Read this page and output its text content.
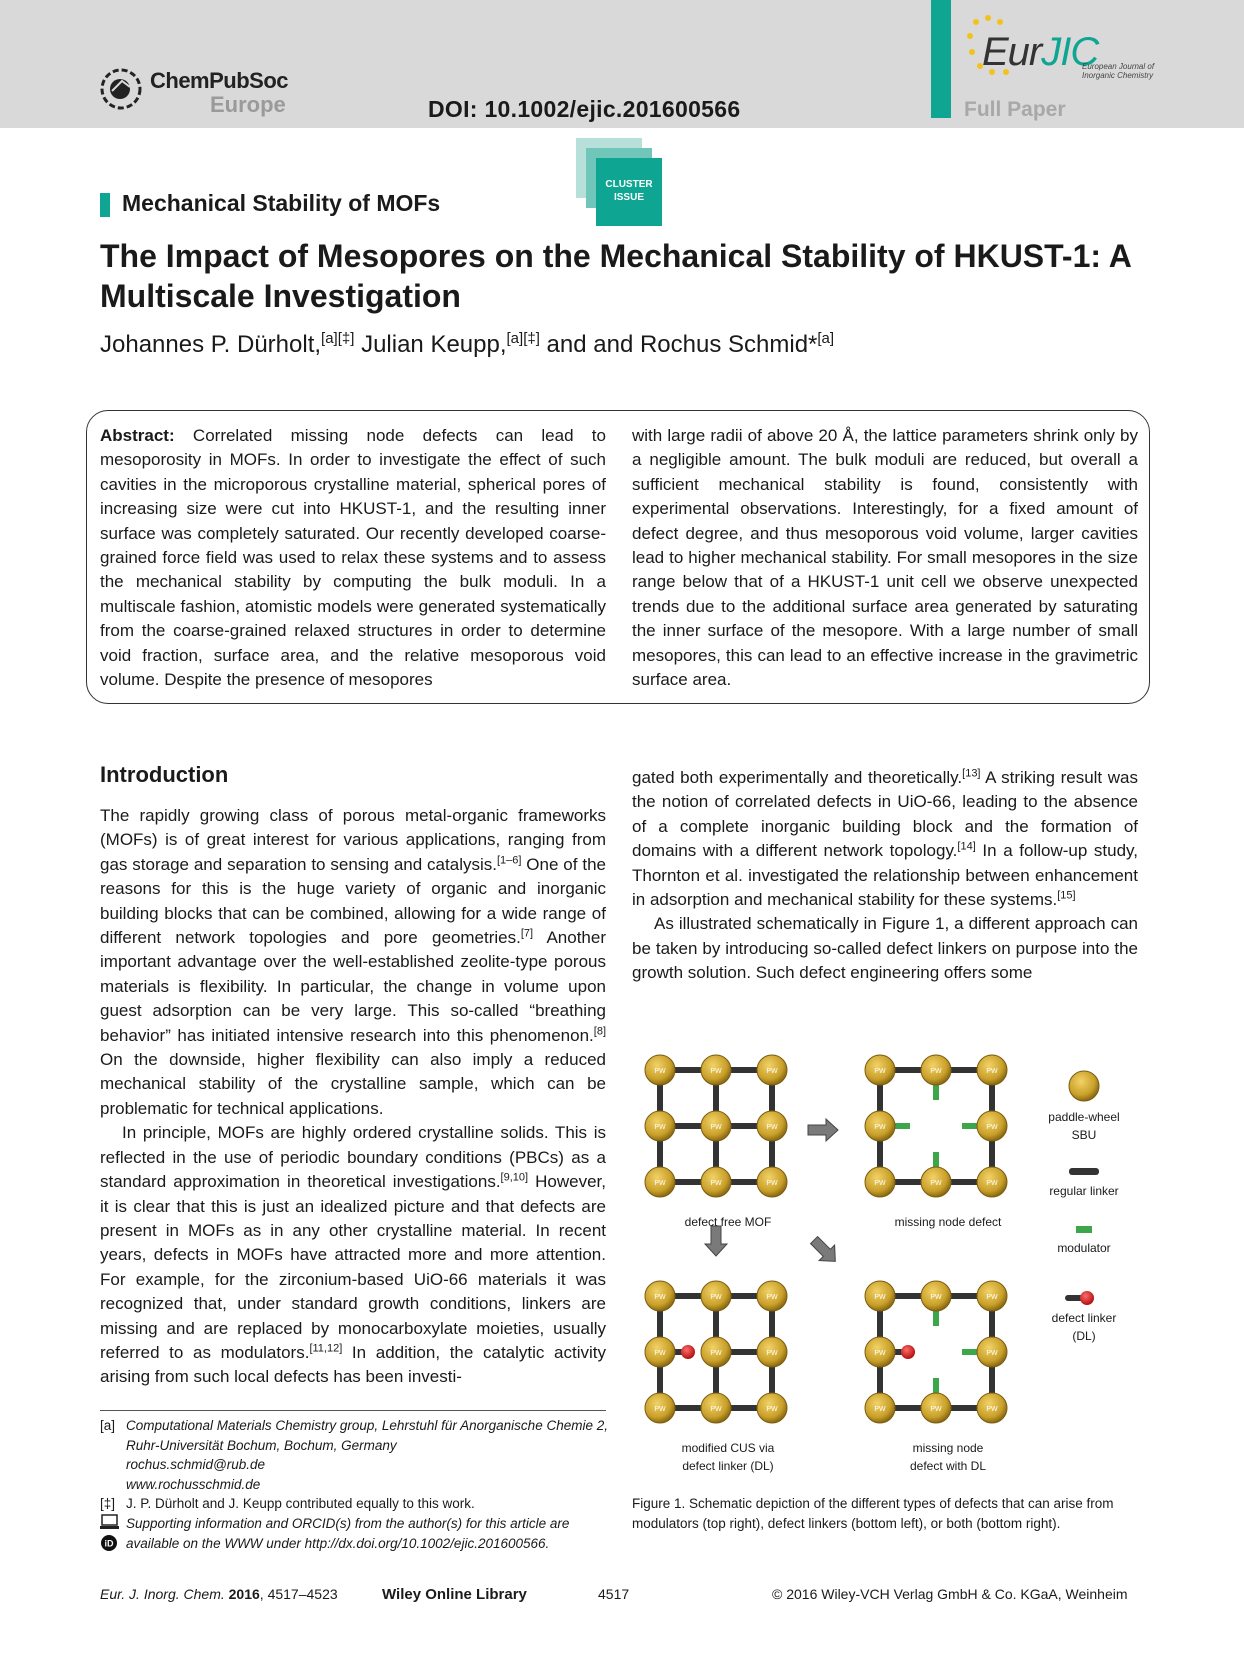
ChemPubSoc
Europe	DOI: 10.1002/ejic.201600566
EurJIC
European Journal of Inorganic Chemistry
Full Paper
Mechanical Stability of MOFs
CLUSTER
ISSUE
The Impact of Mesopores on the Mechanical Stability of HKUST-1: A Multiscale Investigation
Johannes P. Dürholt,[a][‡] Julian Keupp,[a][‡] and and Rochus Schmid*[a]
Abstract: Correlated missing node defects can lead to mesoporosity in MOFs. In order to investigate the effect of such cavities in the microporous crystalline material, spherical pores of increasing size were cut into HKUST-1, and the resulting inner surface was completely saturated. Our recently developed coarse-grained force field was used to relax these systems and to assess the mechanical stability by computing the bulk moduli. In a multiscale fashion, atomistic models were generated systematically from the coarse-grained relaxed structures in order to determine void fraction, surface area, and the relative mesoporous void volume. Despite the presence of mesopores
with large radii of above 20 Å, the lattice parameters shrink only by a negligible amount. The bulk moduli are reduced, but overall a sufficient mechanical stability is found, consistently with experimental observations. Interestingly, for a fixed amount of defect degree, and thus mesoporous void volume, larger cavities lead to higher mechanical stability. For small mesopores in the size range below that of a HKUST-1 unit cell we observe unexpected trends due to the additional surface area generated by saturating the inner surface of the mesopore. With a large number of small mesopores, this can lead to an effective increase in the gravimetric surface area.
Introduction

The rapidly growing class of porous metal-organic frameworks (MOFs) is of great interest for various applications, ranging from gas storage and separation to sensing and catalysis.[1–6] One of the reasons for this is the huge variety of organic and inorganic building blocks that can be combined, allowing for a wide range of different network topologies and pore geometries.[7] Another important advantage over the well-established zeolite-type porous materials is flexibility. In particular, the change in volume upon guest adsorption can be very large. This so-called “breathing behavior” has initiated intensive research into this phenomenon.[8] On the downside, higher flexibility can also imply a reduced mechanical stability of the crystalline sample, which can be problematic for technical applications.

In principle, MOFs are highly ordered crystalline solids. This is reflected in the use of periodic boundary conditions (PBCs) as a standard approximation in theoretical investigations.[9,10] However, it is clear that this is just an idealized picture and that defects are present in MOFs as in any other crystalline material. In recent years, defects in MOFs have attracted more and more attention. For example, for the zirconium-based UiO-66 materials it was recognized that, under standard growth conditions, linkers are missing and are replaced by monocarboxylate moieties, usually referred to as modulators.[11,12] In addition, the catalytic activity arising from such local defects has been investi-

gated both experimentally and theoretically.[13] A striking result was the notion of correlated defects in UiO-66, leading to the absence of a complete inorganic building block and the formation of domains with a different network topology.[14] In a follow-up study, Thornton et al. investigated the relationship between enhancement in adsorption and mechanical stability for these systems.[15]

As illustrated schematically in Figure 1, a different approach can be taken by introducing so-called defect linkers on purpose into the growth solution. Such defect engineering offers some

PW	PW	PW
PW	PW	PW
PW	PW	PW
PW	PW	PW
PW	PW
PW	PW	PW
PW	PW	PW
PW	PW	PW
PW	PW	PW
PW	PW	PW
PW	PW
PW	PW	PW
defect free MOF	missing node defect
modified CUS via
defect linker (DL)
missing node
defect with DL
paddle-wheel
SBU
regular linker
modulator
defect linker
(DL)
Figure 1. Schematic depiction of the different types of defects that can arise from modulators (top right), defect linkers (bottom left), or both (bottom right).
[a] Computational Materials Chemistry group, Lehrstuhl für Anorganische Chemie 2, Ruhr-Universität Bochum, Bochum, Germany
rochus.schmid@rub.de
www.rochusschmid.de
[‡] J. P. Dürholt and J. Keupp contributed equally to this work.
iD
Supporting information and ORCID(s) from the author(s) for this article are available on the WWW under http://dx.doi.org/10.1002/ejic.201600566.
Eur. J. Inorg. Chem. 2016, 4517–4523	Wiley Online Library	4517	© 2016 Wiley-VCH Verlag GmbH & Co. KGaA, Weinheim
